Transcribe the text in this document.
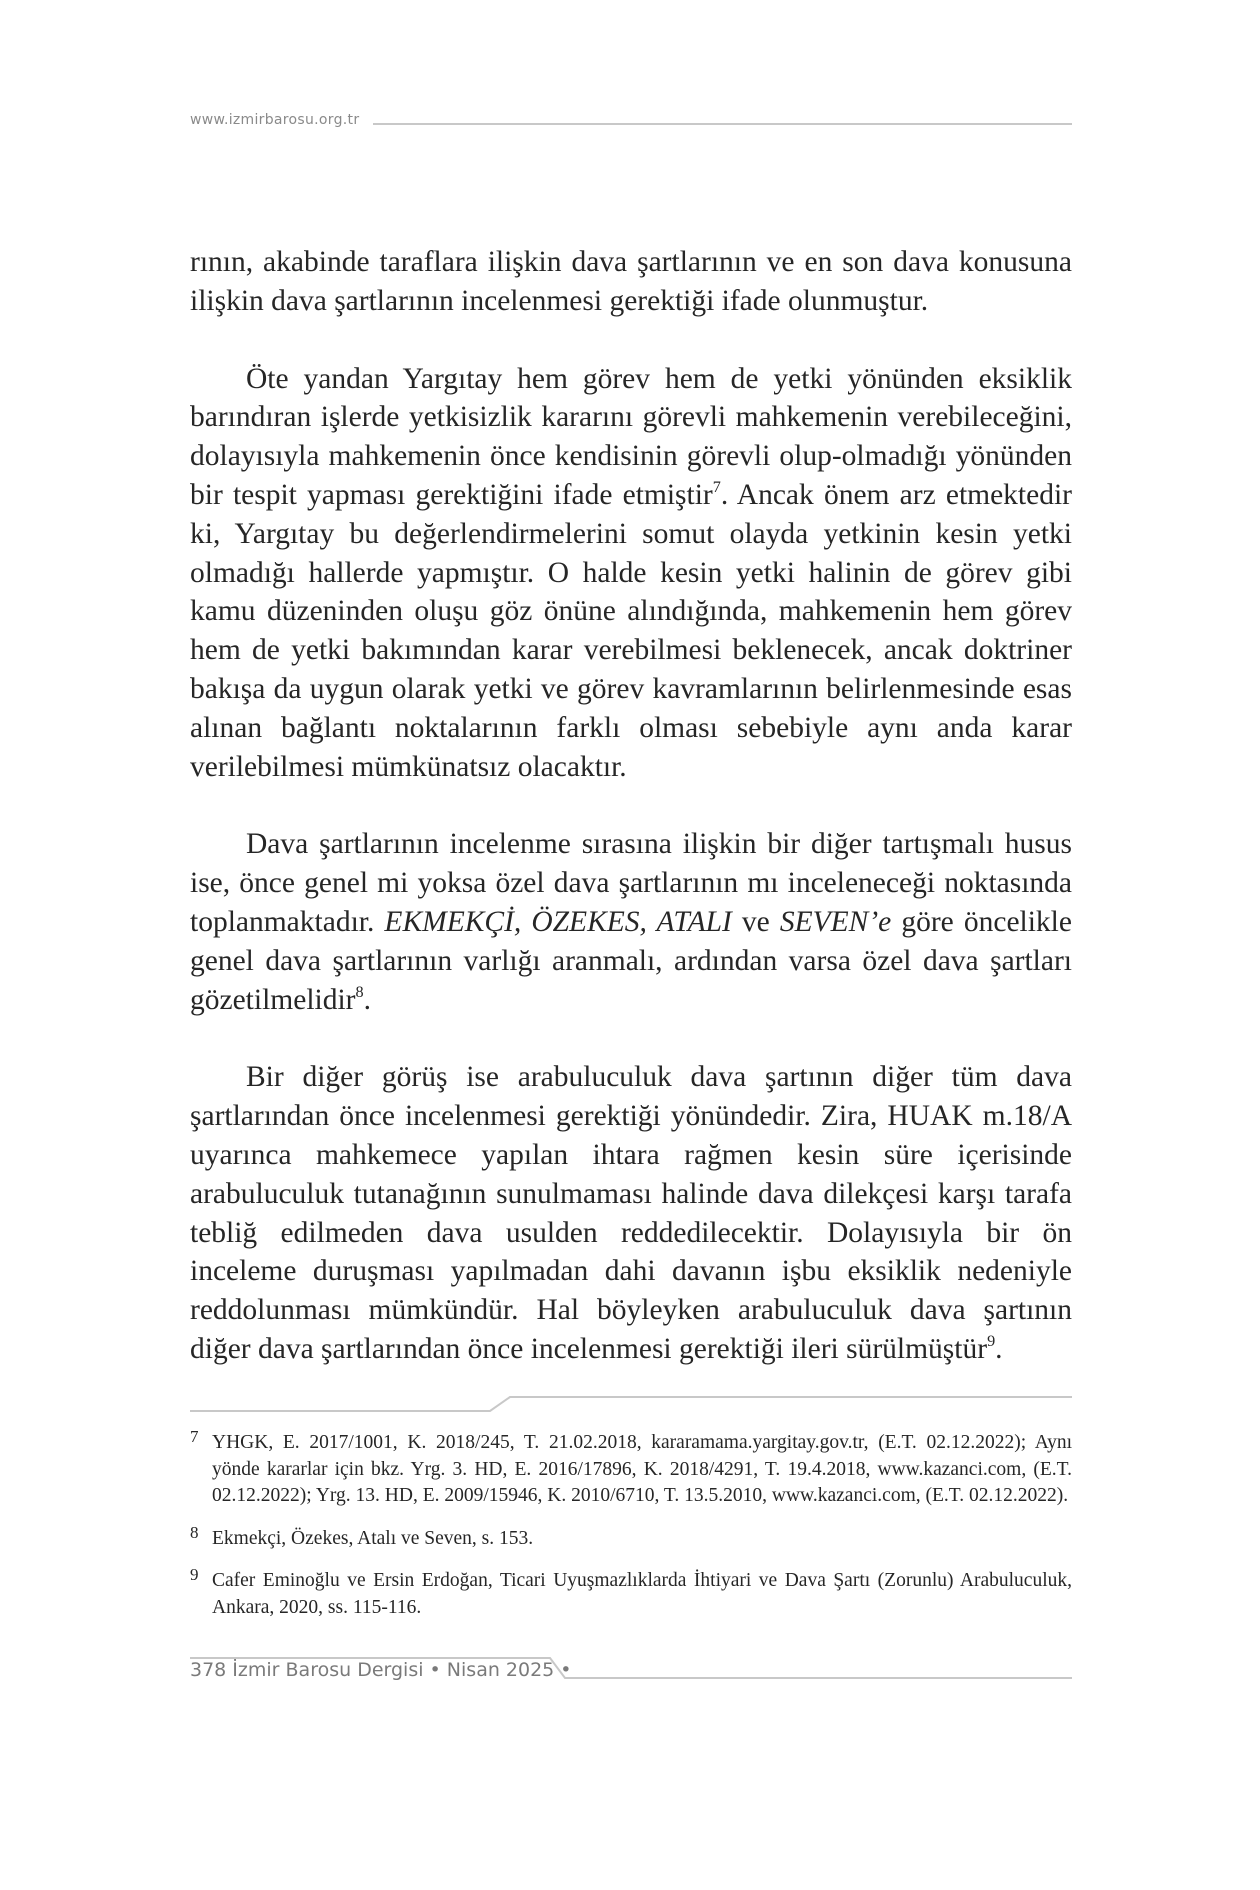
www.izmirbarosu.org.tr

rının, akabinde taraflara ilişkin dava şartlarının ve en son dava konusuna ilişkin dava şartlarının incelenmesi gerektiği ifade olunmuştur.

Öte yandan Yargıtay hem görev hem de yetki yönünden eksiklik barındıran işlerde yetkisizlik kararını görevli mahkemenin verebileceğini, dolayısıyla mahkemenin önce kendisinin görevli olup-olmadığı yönünden bir tespit yapması gerektiğini ifade etmiştir$^7$. Ancak önem arz etmektedir ki, Yargıtay bu değerlendirmelerini somut olayda yetkinin kesin yetki olmadığı hallerde yapmıştır. O halde kesin yetki halinin de görev gibi kamu düzeninden oluşu göz önüne alındığında, mahkemenin hem görev hem de yetki bakımından karar verebilmesi beklenecek, ancak doktriner bakışa da uygun olarak yetki ve görev kavramlarının belirlenmesinde esas alınan bağlantı noktalarının farklı olması sebebiyle aynı anda karar verilebilmesi mümkünatsız olacaktır.

Dava şartlarının incelenme sırasına ilişkin bir diğer tartışmalı husus ise, önce genel mi yoksa özel dava şartlarının mı inceleneceği noktasında toplanmaktadır. EKMEKÇİ, ÖZEKES, ATALI ve SEVEN’e göre öncelikle genel dava şartlarının varlığı aranmalı, ardından varsa özel dava şartları gözetilmelidir$^8$.

Bir diğer görüş ise arabuluculuk dava şartının diğer tüm dava şartlarından önce incelenmesi gerektiği yönündedir. Zira, HUAK m.18/A uyarınca mahkemece yapılan ihtara rağmen kesin süre içerisinde arabuluculuk tutanağının sunulmaması halinde dava dilekçesi karşı tarafa tebliğ edilmeden dava usulden reddedilecektir. Dolayısıyla bir ön inceleme duruşması yapılmadan dahi davanın işbu eksiklik nedeniyle reddolunması mümkündür. Hal böyleyken arabuluculuk dava şartının diğer dava şartlarından önce incelenmesi gerektiği ileri sürülmüştür$^9$.

7 YHGK, E. 2017/1001, K. 2018/245, T. 21.02.2018, kararamama.yargitay.gov.tr, (E.T. 02.12.2022); Aynı yönde kararlar için bkz. Yrg. 3. HD, E. 2016/17896, K. 2018/4291, T. 19.4.2018, www.kazanci.com, (E.T. 02.12.2022); Yrg. 13. HD, E. 2009/15946, K. 2010/6710, T. 13.5.2010, www.kazanci.com, (E.T. 02.12.2022).
8 Ekmekçi, Özekes, Atalı ve Seven, s. 153.
9 Cafer Eminoğlu ve Ersin Erdoğan, Ticari Uyuşmazlıklarda İhtiyari ve Dava Şartı (Zorunlu) Arabuluculuk, Ankara, 2020, ss. 115-116.
378 İzmir Barosu Dergisi • Nisan 2025 •
